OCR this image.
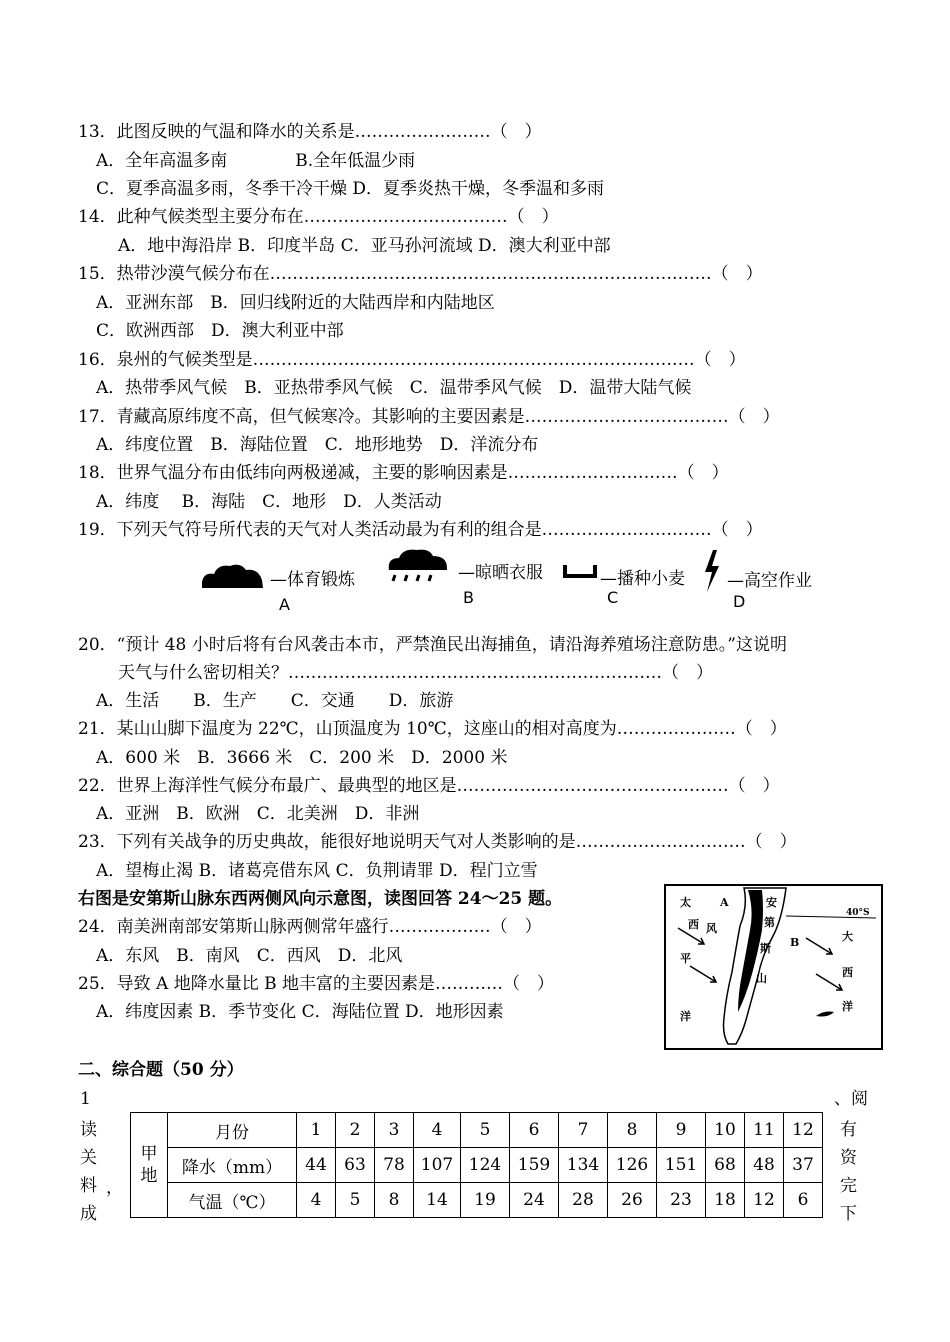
13．此图反映的气温和降水的关系是……………………（　）
A．全年高温多南　　　　B.全年低温少雨
C．夏季高温多雨，冬季干冷干燥 D．夏季炎热干燥，冬季温和多雨
14．此种气候类型主要分布在………………………………（　）
A．地中海沿岸 B．印度半岛 C．亚马孙河流域 D．澳大利亚中部
15．热带沙漠气候分布在……………………………………………………………………（　）
A．亚洲东部　B．回归线附近的大陆西岸和内陆地区
C．欧洲西部　D．澳大利亚中部
16．泉州的气候类型是……………………………………………………………………（　）
A．热带季风气候　B．亚热带季风气候　C．温带季风气候　D．温带大陆气候
17．青藏高原纬度不高，但气候寒冷。其影响的主要因素是………………………………（　）
A．纬度位置　B．海陆位置　C．地形地势　D．洋流分布
18．世界气温分布由低纬向两极递减，主要的影响因素是…………………………（　）
A．纬度　 B．海陆　C．地形　D．人类活动
19．下列天气符号所代表的天气对人类活动最为有利的组合是…………………………（　）
—体育锻炼
A
—晾晒衣服
B
—播种小麦
C
—高空作业
D
20．“预计 48 小时后将有台风袭击本市，严禁渔民出海捕鱼，请沿海养殖场注意防患。”这说明
天气与什么密切相关？…………………………………………………………（　）
A．生活　　B．生产　　C．交通　　D．旅游
21．某山山脚下温度为 22℃，山顶温度为 10℃，这座山的相对高度为…………………（　）
A．600 米　B．3666 米　C．200 米　D．2000 米
22．世界上海洋性气候分布最广、最典型的地区是…………………………………………（　）
A．亚洲　B．欧洲　C．北美洲　D．非洲
23．下列有关战争的历史典故，能很好地说明天气对人类影响的是…………………………（　）
A．望梅止渴 B．诸葛亮借东风 C．负荆请罪 D．程门立雪
右图是安第斯山脉东西两侧风向示意图，读图回答 24～25 题。
24．南美洲南部安第斯山脉两侧常年盛行………………（　）
A．东风　B．南风　C．西风　D．北风
25．导致 A 地降水量比 B 地丰富的主要因素是…………（　）
A．纬度因素 B．季节变化 C．海陆位置 D．地形因素
太
西 风
平
洋
A	安
第
斯
山
B	大
西
洋
40°S
二、综合题（50 分）
1
读
关
料
成
，
、阅
有
资
完
下
甲地	月份	1	2	3	4	5	6	7	8	9	10	11	12
	降水（mm）	44	63	78	107	124	159	134	126	151	68	48	37
	气温（℃）	4	5	8	14	19	24	28	26	23	18	12	6
